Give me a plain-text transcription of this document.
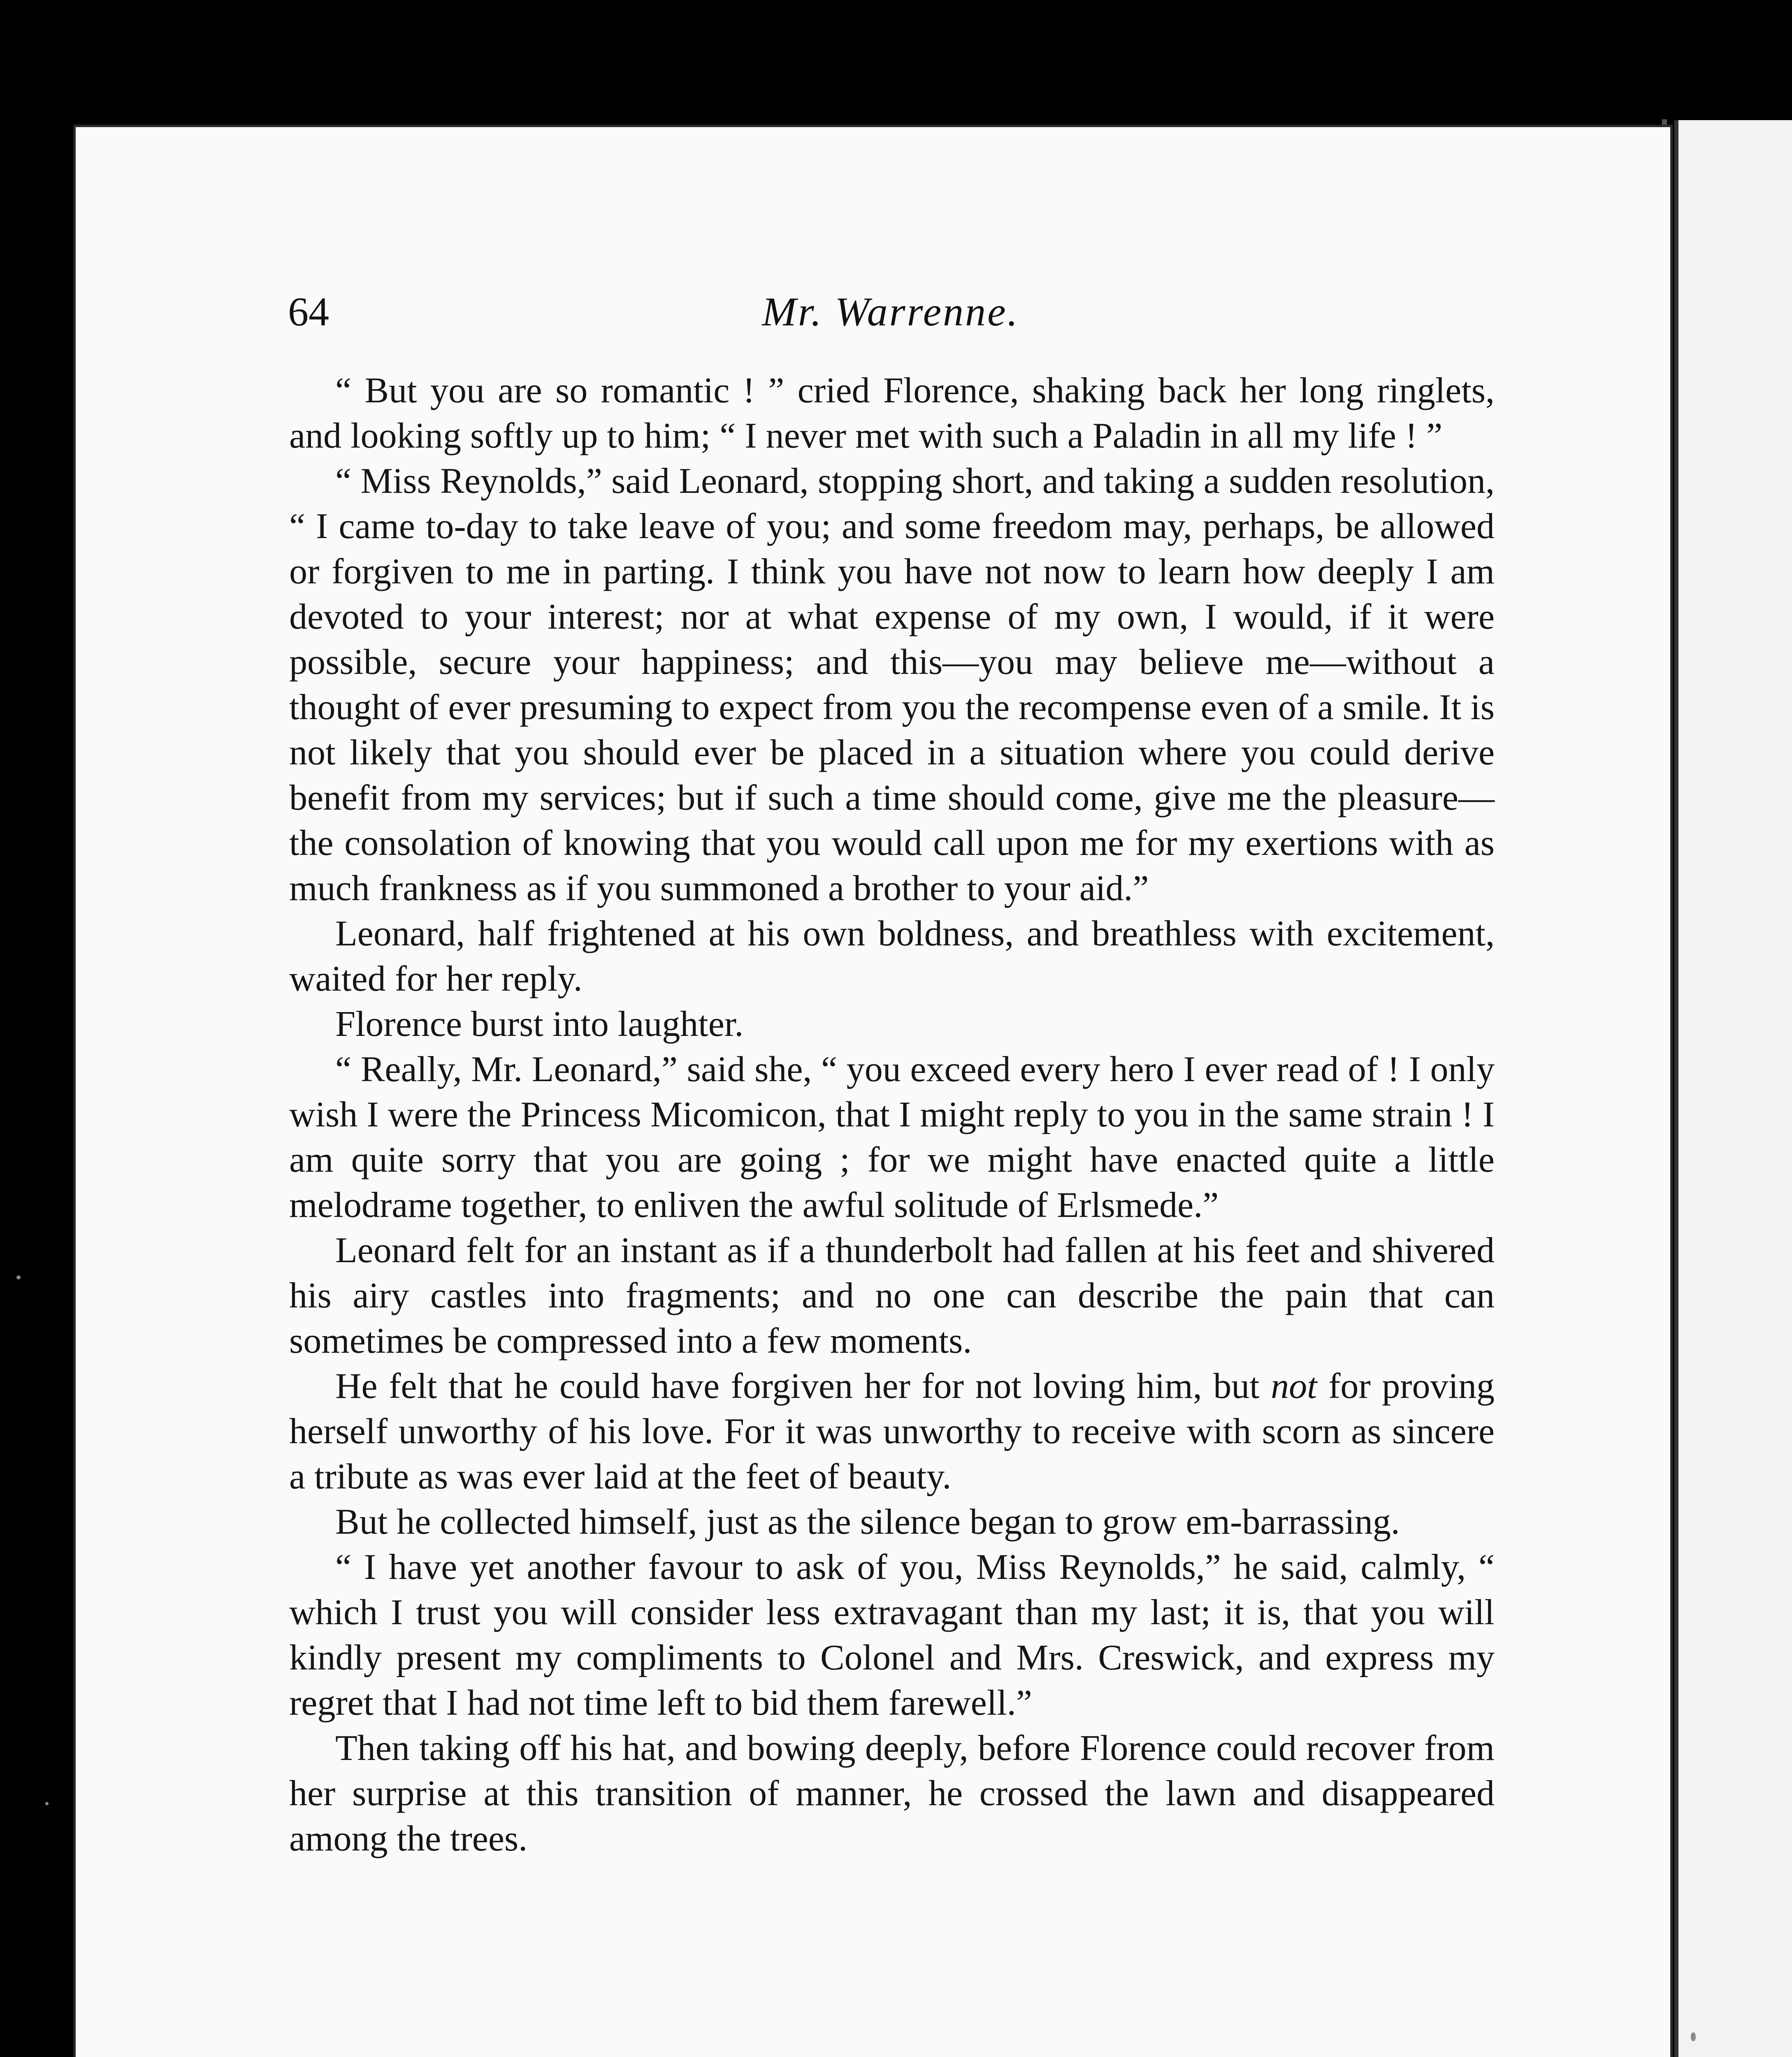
64	Mr. Warrenne.

“ But you are so romantic ! ” cried Florence, shaking back her long ringlets, and looking softly up to him; “ I never met with such a Paladin in all my life ! ”

“ Miss Reynolds,” said Leonard, stopping short, and taking a sudden resolution, “ I came to-day to take leave of you; and some freedom may, perhaps, be allowed or forgiven to me in parting. I think you have not now to learn how deeply I am devoted to your interest; nor at what expense of my own, I would, if it were possible, secure your happiness; and this—you may believe me—without a thought of ever presuming to expect from you the recompense even of a smile. It is not likely that you should ever be placed in a situation where you could derive benefit from my services; but if such a time should come, give me the pleasure—the consolation of knowing that you would call upon me for my exertions with as much frankness as if you summoned a brother to your aid.”

Leonard, half frightened at his own boldness, and breathless with excitement, waited for her reply.

Florence burst into laughter.

“ Really, Mr. Leonard,” said she, “ you exceed every hero I ever read of ! I only wish I were the Princess Micomicon, that I might reply to you in the same strain ! I am quite sorry that you are going ; for we might have enacted quite a little melodrame together, to enliven the awful solitude of Erlsmede.”

Leonard felt for an instant as if a thunderbolt had fallen at his feet and shivered his airy castles into fragments; and no one can describe the pain that can sometimes be compressed into a few moments.

He felt that he could have forgiven her for not loving him, but not for proving herself unworthy of his love. For it was unworthy to receive with scorn as sincere a tribute as was ever laid at the feet of beauty.

But he collected himself, just as the silence began to grow em-barrassing.

“ I have yet another favour to ask of you, Miss Reynolds,” he said, calmly, “ which I trust you will consider less extravagant than my last; it is, that you will kindly present my compliments to Colonel and Mrs. Creswick, and express my regret that I had not time left to bid them farewell.”

Then taking off his hat, and bowing deeply, before Florence could recover from her surprise at this transition of manner, he crossed the lawn and disappeared among the trees.
